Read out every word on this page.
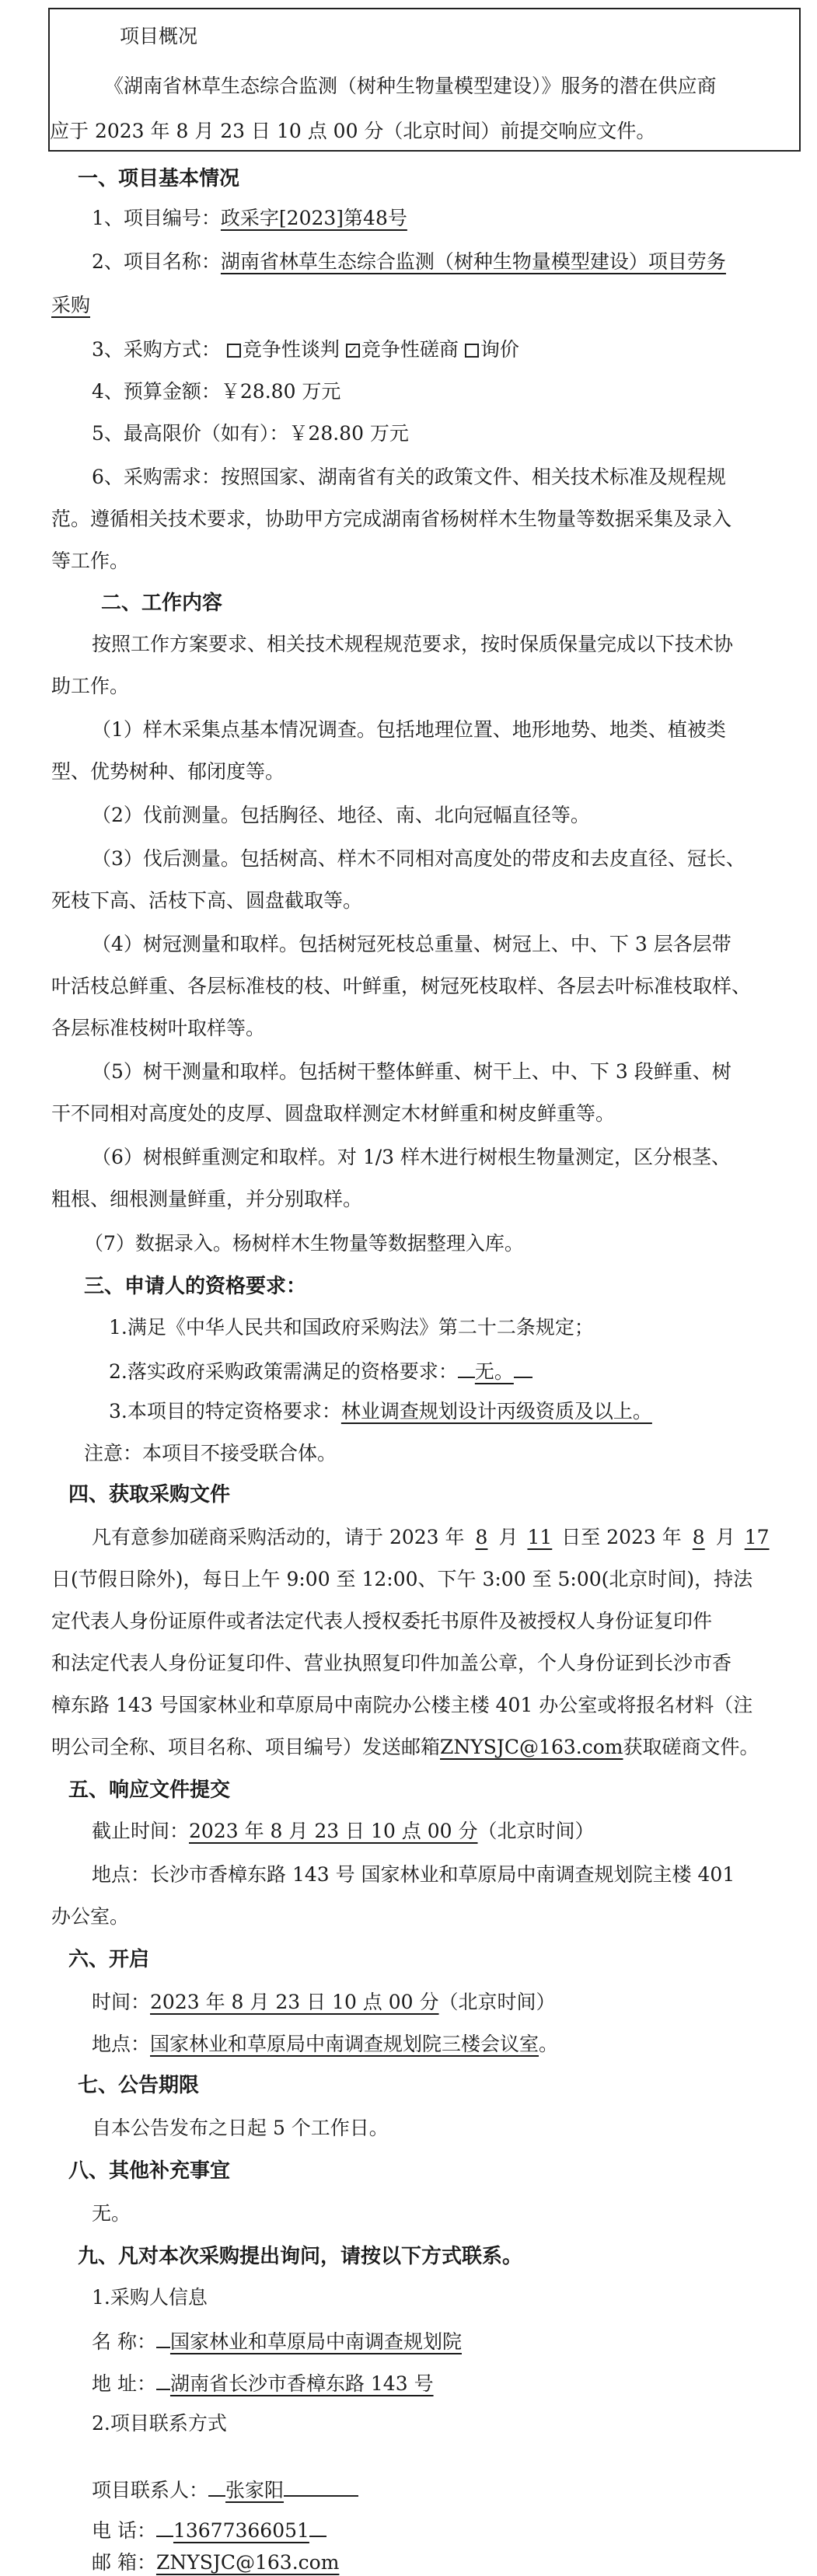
项目概况
《湖南省林草生态综合监测（树种生物量模型建设）》服务的潜在供应商
应于 2023 年 8 月 23 日 10 点 00 分（北京时间）前提交响应文件。
一、项目基本情况
1、项目编号：政采字[2023]第48号
2、项目名称：湖南省林草生态综合监测（树种生物量模型建设）项目劳务
采购
3、采购方式： 竞争性谈判 ✓ 竞争性磋商 询价
4、预算金额：￥28.80 万元
5、最高限价（如有）：￥28.80 万元
6、采购需求：按照国家、湖南省有关的政策文件、相关技术标准及规程规
范。遵循相关技术要求，协助甲方完成湖南省杨树样木生物量等数据采集及录入
等工作。
二、工作内容
按照工作方案要求、相关技术规程规范要求，按时保质保量完成以下技术协
助工作。
（1）样木采集点基本情况调查。包括地理位置、地形地势、地类、植被类
型、优势树种、郁闭度等。
（2）伐前测量。包括胸径、地径、南、北向冠幅直径等。
（3）伐后测量。包括树高、样木不同相对高度处的带皮和去皮直径、冠长、
死枝下高、活枝下高、圆盘截取等。
（4）树冠测量和取样。包括树冠死枝总重量、树冠上、中、下 3 层各层带
叶活枝总鲜重、各层标准枝的枝、叶鲜重，树冠死枝取样、各层去叶标准枝取样、
各层标准枝树叶取样等。
（5）树干测量和取样。包括树干整体鲜重、树干上、中、下 3 段鲜重、树
干不同相对高度处的皮厚、圆盘取样测定木材鲜重和树皮鲜重等。
（6）树根鲜重测定和取样。对 1/3 样木进行树根生物量测定，区分根茎、
粗根、细根测量鲜重，并分别取样。
（7）数据录入。杨树样木生物量等数据整理入库。
三、申请人的资格要求：
1.满足《中华人民共和国政府采购法》第二十二条规定；
2.落实政府采购政策需满足的资格要求： 无。
3.本项目的特定资格要求：林业调查规划设计丙级资质及以上。
注意：本项目不接受联合体。
四、获取采购文件
凡有意参加磋商采购活动的，请于 2023 年 8 月 11 日至 2023 年 8 月 17
日(节假日除外)，每日上午 9:00 至 12:00、下午 3:00 至 5:00(北京时间)，持法
定代表人身份证原件或者法定代表人授权委托书原件及被授权人身份证复印件
和法定代表人身份证复印件、营业执照复印件加盖公章，个人身份证到长沙市香
樟东路 143 号国家林业和草原局中南院办公楼主楼 401 办公室或将报名材料（注
明公司全称、项目名称、项目编号）发送邮箱ZNYSJC@163.com获取磋商文件。
五、响应文件提交
截止时间：2023 年 8 月 23 日 10 点 00 分（北京时间）
地点：长沙市香樟东路 143 号 国家林业和草原局中南调查规划院主楼 401
办公室。
六、开启
时间：2023 年 8 月 23 日 10 点 00 分（北京时间）
地点：国家林业和草原局中南调查规划院三楼会议室。
七、公告期限
自本公告发布之日起 5 个工作日。
八、其他补充事宜
无。
九、凡对本次采购提出询问，请按以下方式联系。
1.采购人信息
名 称： 国家林业和草原局中南调查规划院
地 址： 湖南省长沙市香樟东路 143 号
2.项目联系方式
项目联系人： 张家阳
电 话： 13677366051
邮 箱：ZNYSJC@163.com
